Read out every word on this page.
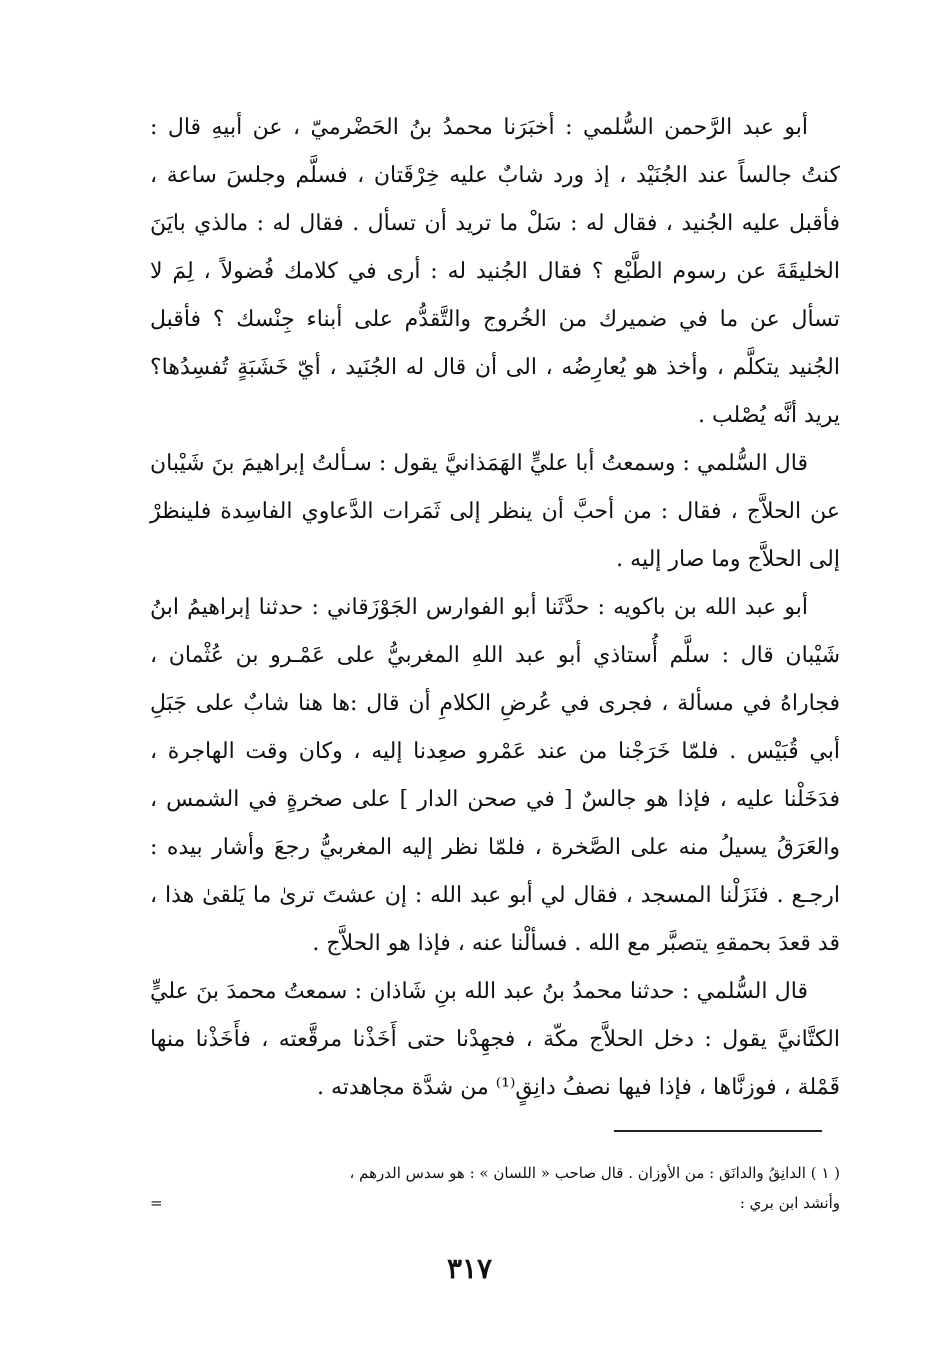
أبو عبد الرَّحمن السُّلمي : أخبَرَنا محمدُ بنُ الحَضْرميّ ، عن أبيهِ قال : كنتُ جالساً عند الجُنَيْد ، إذ ورد شابٌ عليه خِرْقَتان ، فسلَّم وجلسَ ساعة ، فأقبل عليه الجُنيد ، فقال له : سَلْ ما تريد أن تسأل . فقال له : مالذي بايَنَ الخليقَةَ عن رسوم الطَّبْع ؟ فقال الجُنيد له : أرى في كلامك فُضولاً ، لِمَ لا تسأل عن ما في ضميرك من الخُروج والتَّقدُّم على أبناء جِنْسك ؟ فأقبل الجُنيد يتكلَّم ، وأخذ هو يُعارِضُه ، الى أن قال له الجُنَيد ، أيّ خَشَبَةٍ تُفسِدُها؟ يريد أنَّه يُصْلب .

قال السُّلمي : وسمعتُ أبا عليٍّ الهَمَذانيَّ يقول : سـألتُ إبراهيمَ بنَ شَيْبان عن الحلاَّج ، فقال : من أحبَّ أن ينظر إلى ثَمَرات الدَّعاوي الفاسِدة فلينظرْ إلى الحلاَّج وما صار إليه .

أبو عبد الله بن باكويه : حدَّثَنا أبو الفوارس الجَوْزَقاني : حدثنا إبراهيمُ ابنُ شَيْبان قال : سلَّم أُستاذي أبو عبد اللهِ المغربيُّ على عَمْـرو بن عُثْمان ، فجاراهُ في مسألة ، فجرى في عُرضِ الكلامِ أن قال :ها هنا شابٌ على جَبَلِ أبي قُبَيْس . فلمّا خَرَجْنا من عند عَمْرو صعِدنا إليه ، وكان وقت الهاجرة ، فدَخَلْنا عليه ، فإذا هو جالسٌ [ في صحن الدار ] على صخرةٍ في الشمس ، والعَرَقُ يسيلُ منه على الصَّخرة ، فلمّا نظر إليه المغربيُّ رجعَ وأشار بيده : ارجـع . فنَزَلْنا المسجد ، فقال لي أبو عبد الله : إن عشتَ ترىٰ ما يَلقىٰ هذا ، قد قعدَ بحمقهِ يتصبَّر مع الله . فسألْنا عنه ، فإذا هو الحلاَّج .

قال السُّلمي : حدثنا محمدُ بنُ عبد الله بنِ شَاذان : سمعتُ محمدَ بنَ عليٍّ الكتَّانيَّ يقول : دخل الحلاَّج مكّة ، فجهِدْنا حتى أَخَذْنا مرقَّعته ، فأَخَذْنا منها قَمْلة ، فوزنَّاها ، فإذا فيها نصفُ دانِقٍ⁽¹⁾ من شدَّة مجاهدته .

( ١ ) الدانِقُ والدانَق : من الأوزان . قال صاحب « اللسان » : هو سدس الدرهم ،
وأنشد ابن بري :
=
٣١٧
